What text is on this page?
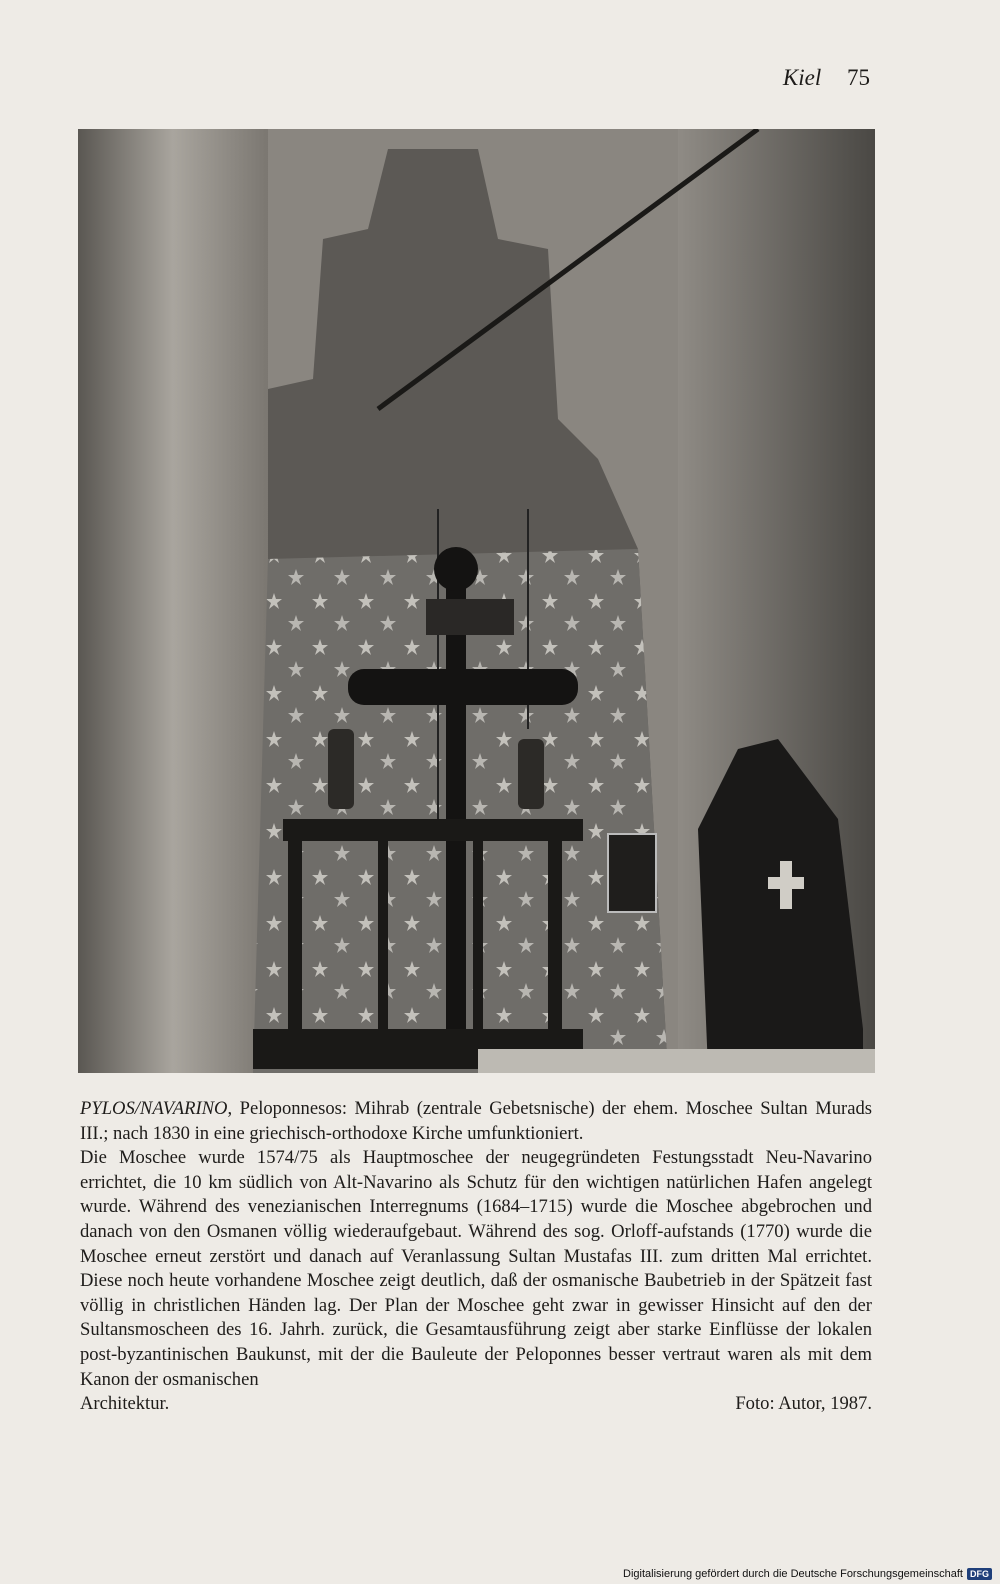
Kiel 75

PYLOS/NAVARINO, Peloponnesos: Mihrab (zentrale Gebetsnische) der ehem. Moschee Sultan Murads III.; nach 1830 in eine griechisch-orthodoxe Kirche umfunktioniert.

Die Moschee wurde 1574/75 als Hauptmoschee der neugegründeten Festungsstadt Neu-Navarino errichtet, die 10 km südlich von Alt-Navarino als Schutz für den wichtigen natürlichen Hafen angelegt wurde. Während des venezianischen Interregnums (1684–1715) wurde die Moschee abgebrochen und danach von den Osmanen völlig wiederaufgebaut. Während des sog. Orloff-aufstands (1770) wurde die Moschee erneut zerstört und danach auf Veranlassung Sultan Mustafas III. zum dritten Mal errichtet. Diese noch heute vorhandene Moschee zeigt deutlich, daß der osmanische Baubetrieb in der Spätzeit fast völlig in christlichen Händen lag. Der Plan der Moschee geht zwar in gewisser Hinsicht auf den der Sultansmoscheen des 16. Jahrh. zurück, die Gesamtausführung zeigt aber starke Einflüsse der lokalen post-byzantinischen Baukunst, mit der die Bauleute der Peloponnes besser vertraut waren als mit dem Kanon der osmanischen

Architektur.	Foto: Autor, 1987.
Digitalisierung gefördert durch die Deutsche Forschungsgemeinschaft DFG
